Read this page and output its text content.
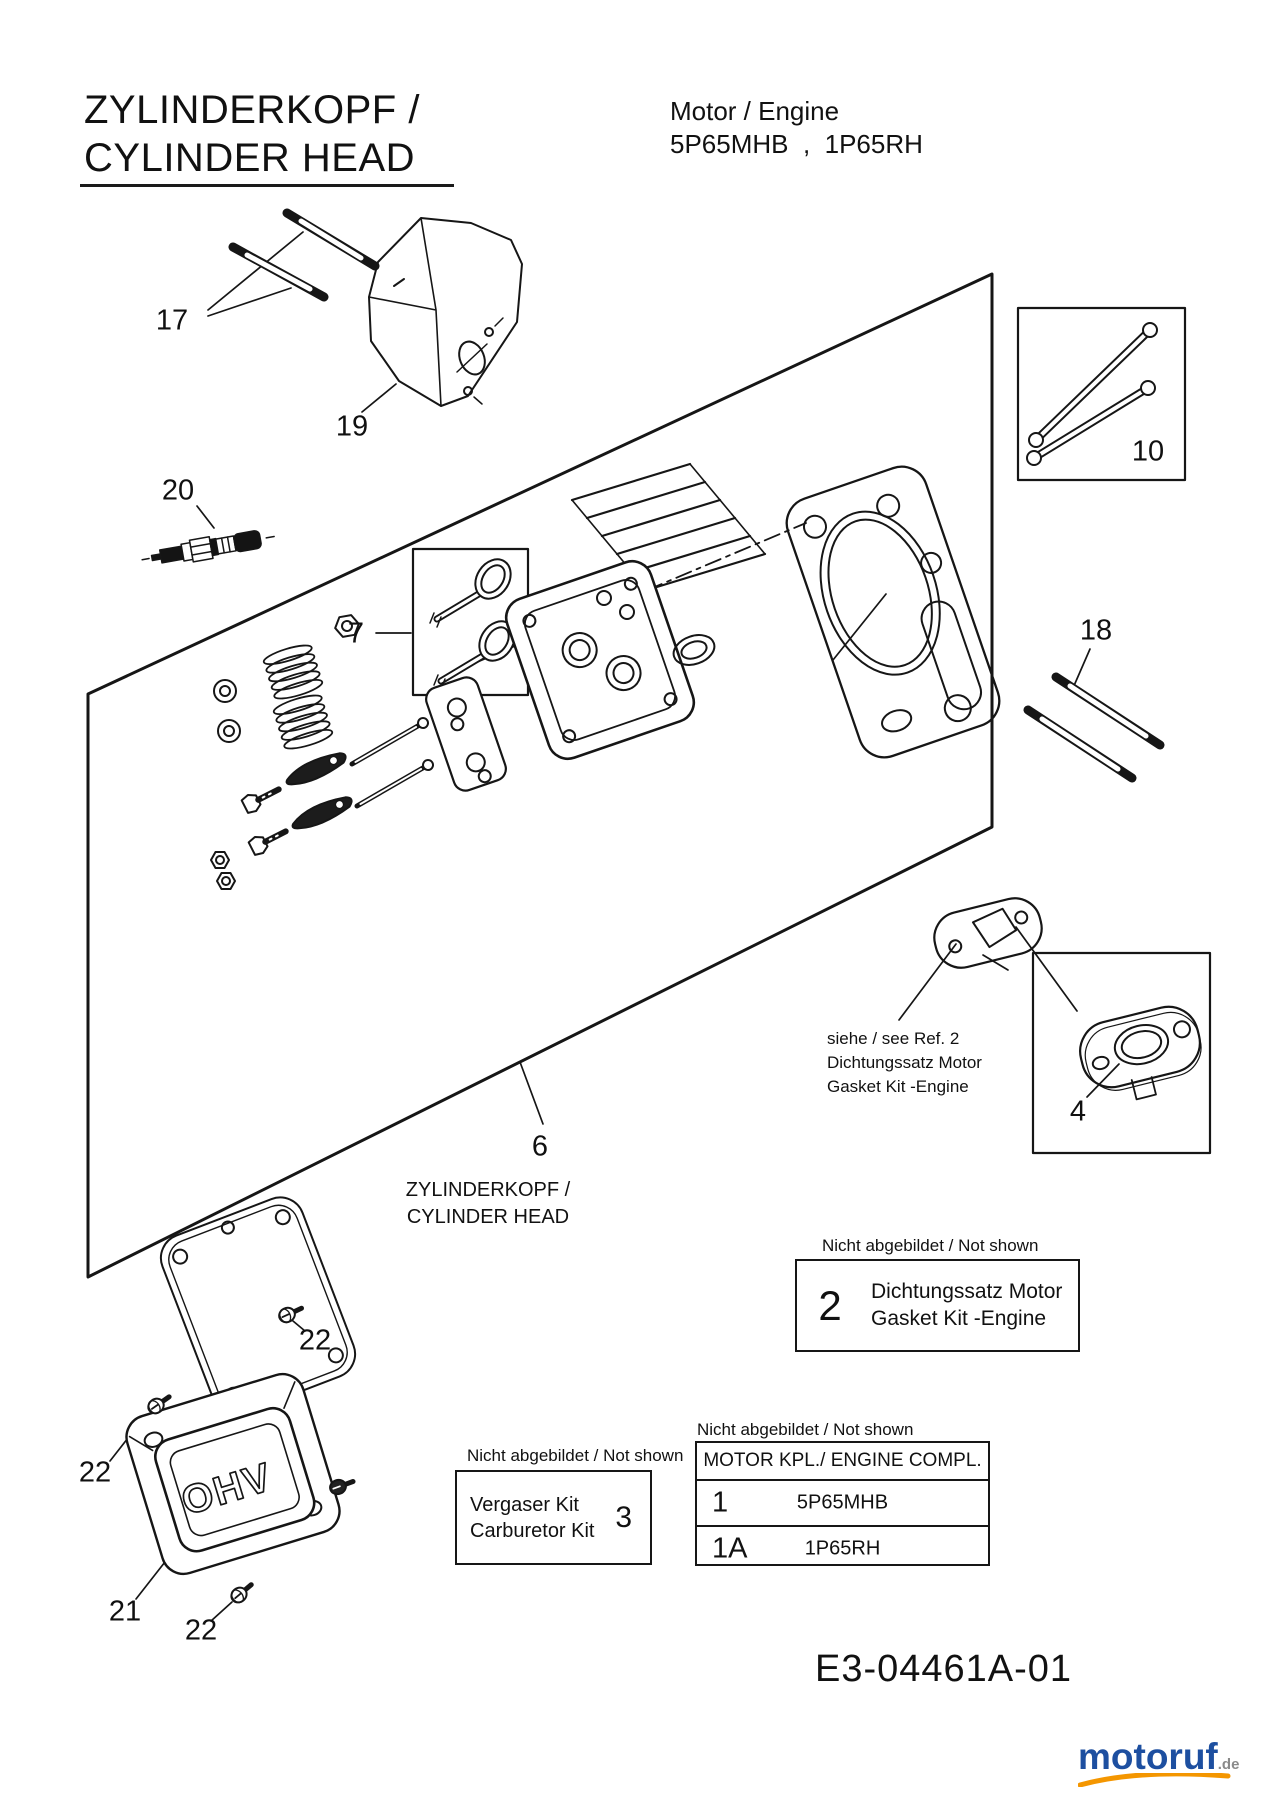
OHV
ZYLINDERKOPF /
CYLINDER HEAD
Motor / Engine
5P65MHB  ,  1P65RH
17
19
20
10
7	18
4
6
21
22
22
22
siehe / see Ref. 2
Dichtungssatz Motor
Gasket Kit -Engine
ZYLINDERKOPF /
CYLINDER HEAD
Nicht abgebildet / Not shown
2	Dichtungssatz Motor
Gasket Kit -Engine
Nicht abgebildet / Not shown
Vergaser Kit
Carburetor Kit 3
Nicht abgebildet / Not shown
MOTOR KPL./ ENGINE COMPL.
1	5P65MHB
1A	1P65RH
E3-04461A-01
motoruf.de
